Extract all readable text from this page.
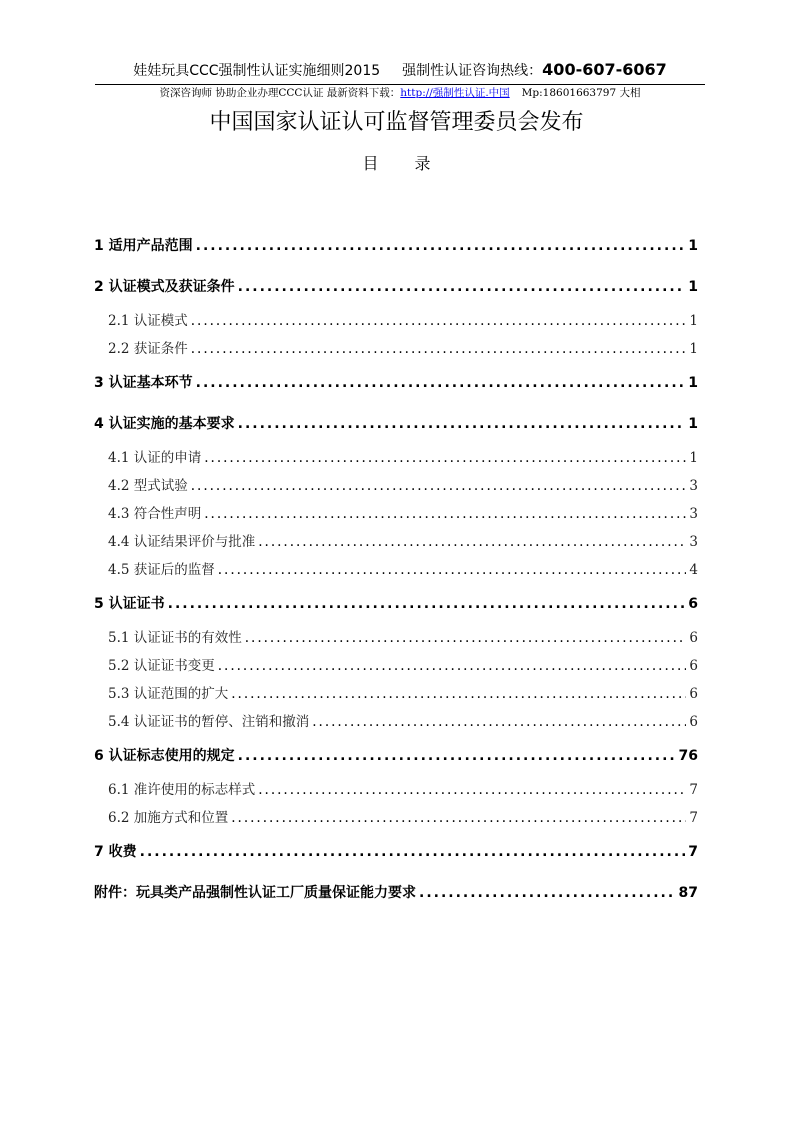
娃娃玩具CCC强制性认证实施细则2015 强制性认证咨询热线：400-607-6067
资深咨询师 协助企业办理CCC认证 最新资料下载：http://强制性认证.中国 Mp:18601663797 大相
中国国家认证认可监督管理委员会发布
目录
1 适用产品范围 .....	1
2 认证模式及获证条件 .....	1
2.1 认证模式 .....	1
2.2 获证条件 .....	1
3 认证基本环节 .....	1
4 认证实施的基本要求 .....	1
4.1 认证的申请 .....	1
4.2 型式试验 .....	3
4.3 符合性声明 .....	3
4.4 认证结果评价与批准 .....	3
4.5 获证后的监督 .....	4
5 认证证书 .....	6
5.1 认证证书的有效性 .....	6
5.2 认证证书变更 .....	6
5.3 认证范围的扩大 .....	6
5.4 认证证书的暂停、注销和撤消 .....	6
6 认证标志使用的规定 .....	76
6.1 准许使用的标志样式 .....	7
6.2 加施方式和位置 .....	7
7 收费 .....	7
附件：玩具类产品强制性认证工厂质量保证能力要求 .....	87
